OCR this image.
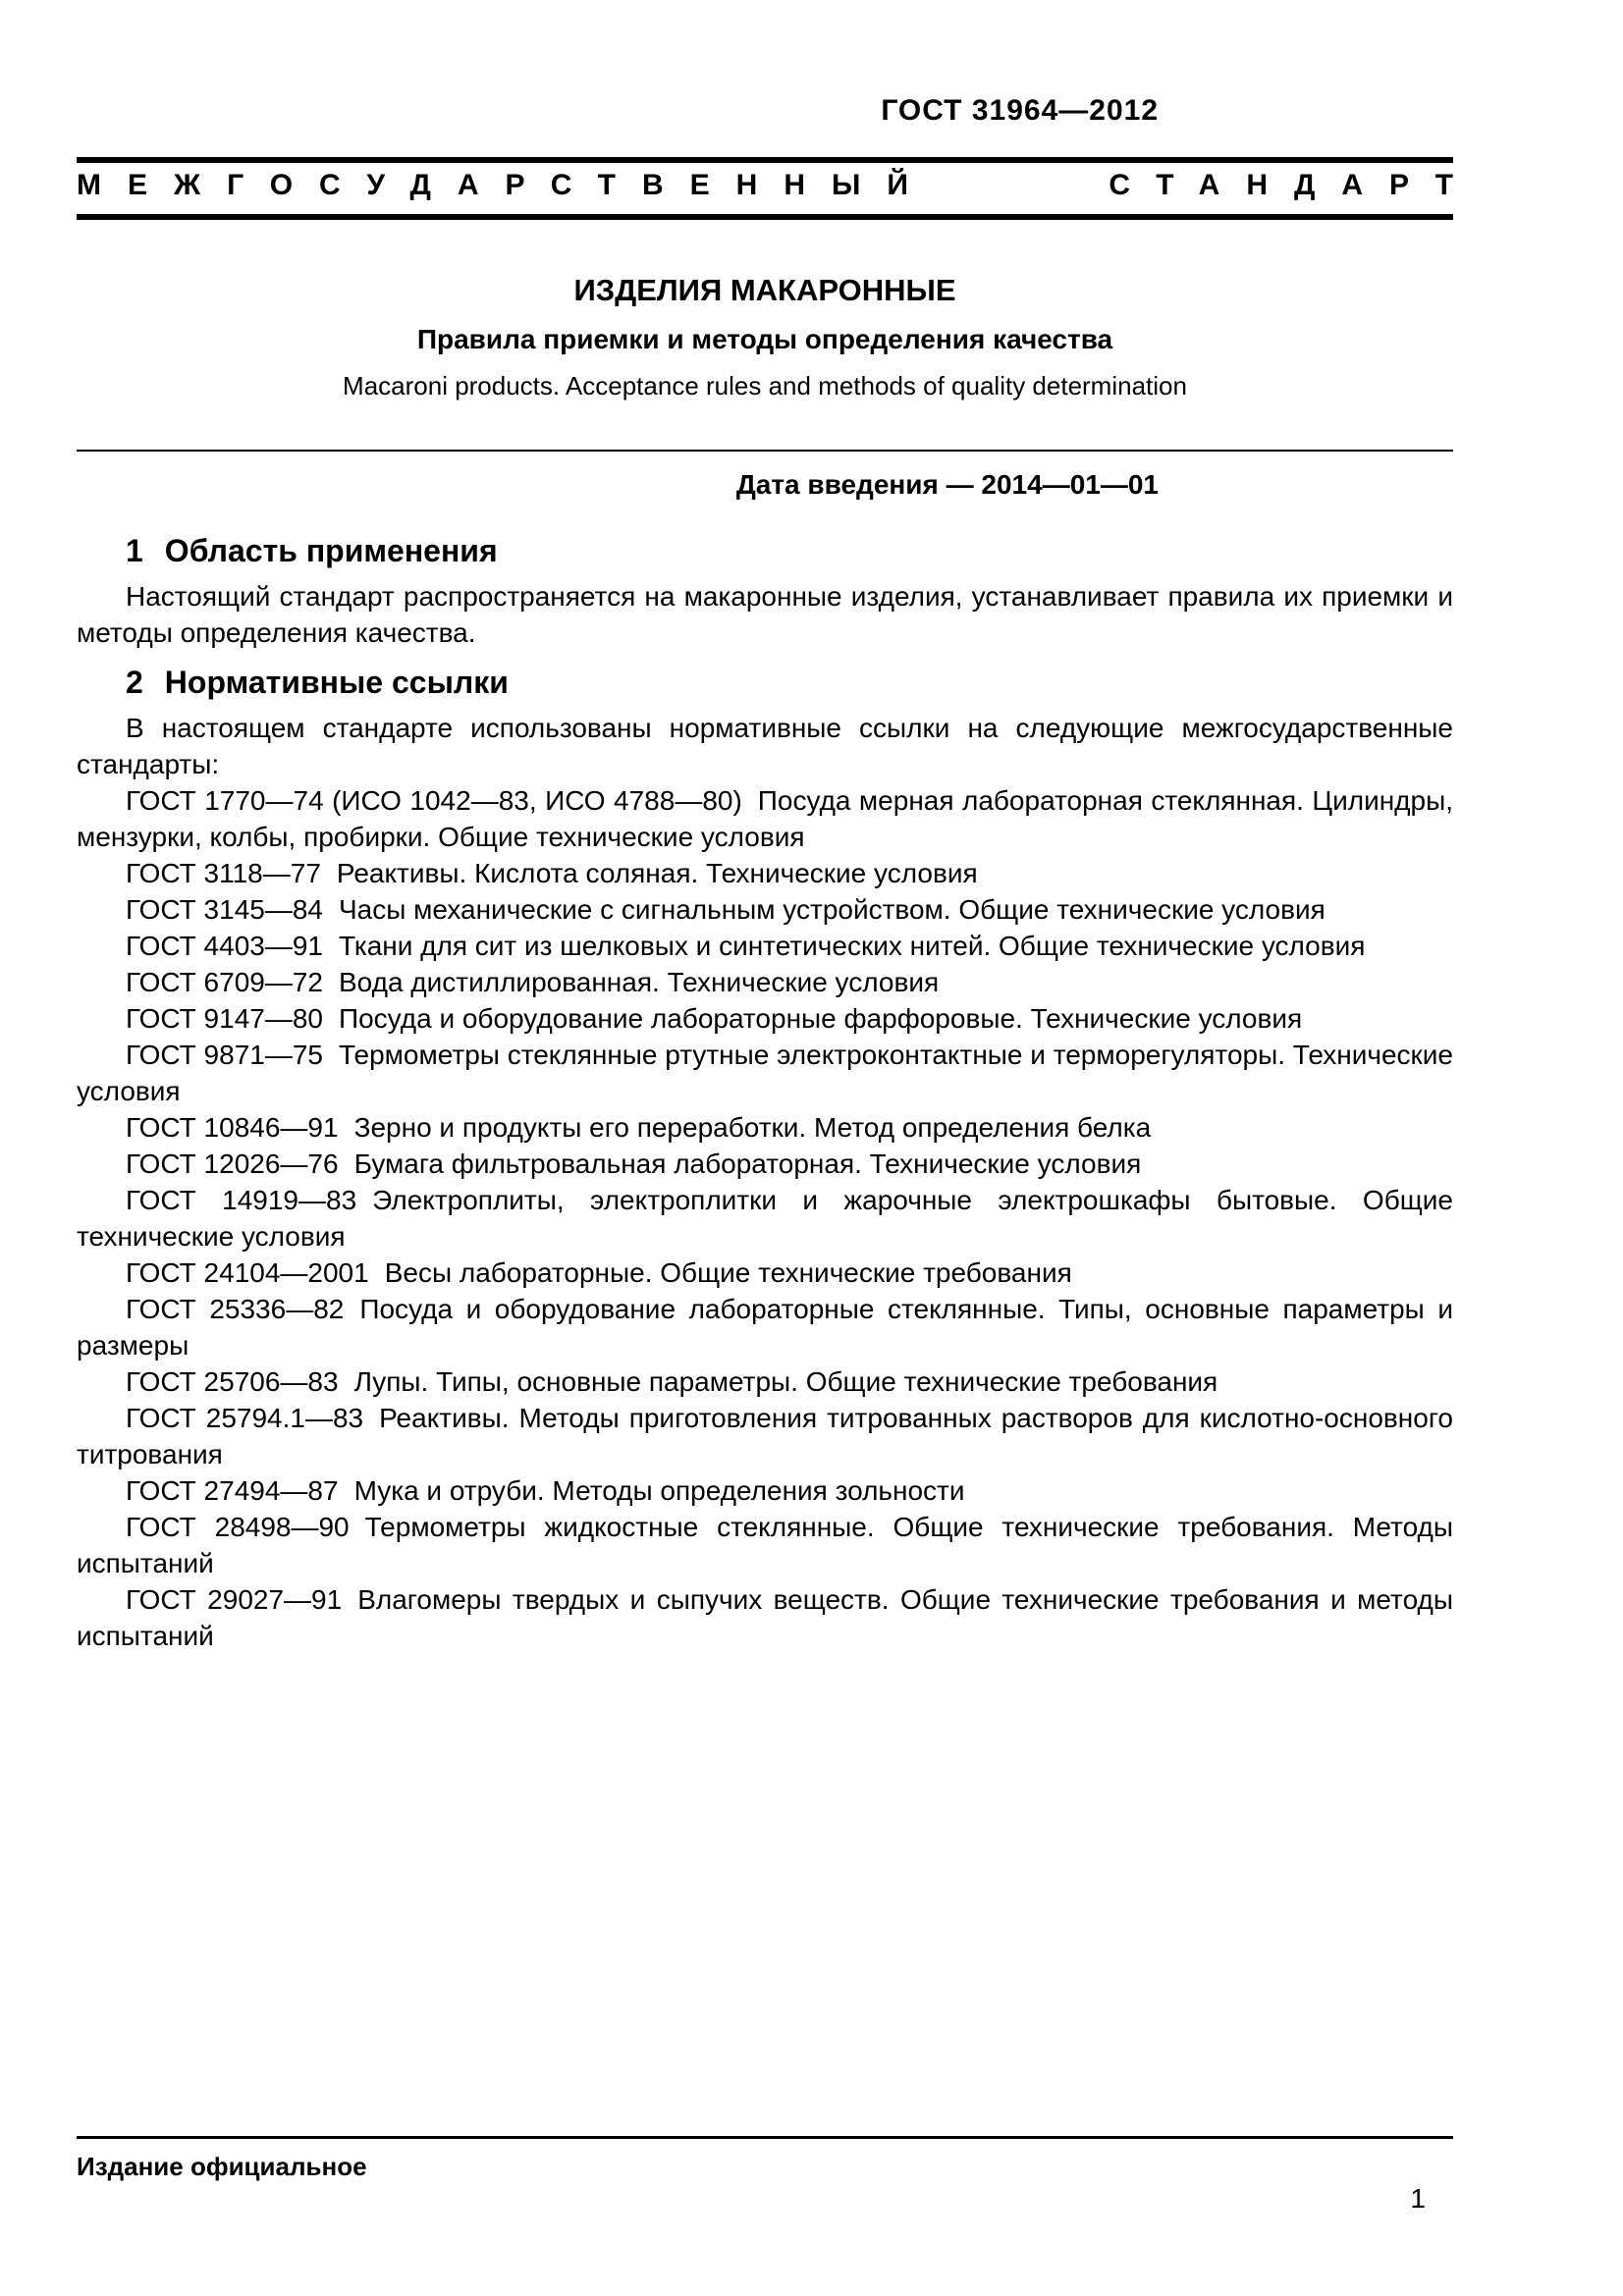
ГОСТ 31964—2012
МЕЖГОСУДАРСТВЕННЫЙ	СТАНДАРТ
ИЗДЕЛИЯ МАКАРОННЫЕ
Правила приемки и методы определения качества
Macaroni products. Acceptance rules and methods of quality determination
Дата введения — 2014—01—01
1 Область применения

Настоящий стандарт распространяется на макаронные изделия, устанавливает правила их приемки и методы определения качества.

2 Нормативные ссылки

В настоящем стандарте использованы нормативные ссылки на следующие межгосударственные стандарты:

ГОСТ 1770—74 (ИСО 1042—83, ИСО 4788—80) Посуда мерная лабораторная стеклянная. Цилиндры, мензурки, колбы, пробирки. Общие технические условия

ГОСТ 3118—77 Реактивы. Кислота соляная. Технические условия

ГОСТ 3145—84 Часы механические с сигнальным устройством. Общие технические условия

ГОСТ 4403—91 Ткани для сит из шелковых и синтетических нитей. Общие технические условия

ГОСТ 6709—72 Вода дистиллированная. Технические условия

ГОСТ 9147—80 Посуда и оборудование лабораторные фарфоровые. Технические условия

ГОСТ 9871—75 Термометры стеклянные ртутные электроконтактные и терморегуляторы. Технические условия

ГОСТ 10846—91 Зерно и продукты его переработки. Метод определения белка

ГОСТ 12026—76 Бумага фильтровальная лабораторная. Технические условия

ГОСТ 14919—83 Электроплиты, электроплитки и жарочные электрошкафы бытовые. Общие технические условия

ГОСТ 24104—2001 Весы лабораторные. Общие технические требования

ГОСТ 25336—82 Посуда и оборудование лабораторные стеклянные. Типы, основные параметры и размеры

ГОСТ 25706—83 Лупы. Типы, основные параметры. Общие технические требования

ГОСТ 25794.1—83 Реактивы. Методы приготовления титрованных растворов для кислотно-основного титрования

ГОСТ 27494—87 Мука и отруби. Методы определения зольности

ГОСТ 28498—90 Термометры жидкостные стеклянные. Общие технические требования. Методы испытаний

ГОСТ 29027—91 Влагомеры твердых и сыпучих веществ. Общие технические требования и методы испытаний

Издание официальное
1
